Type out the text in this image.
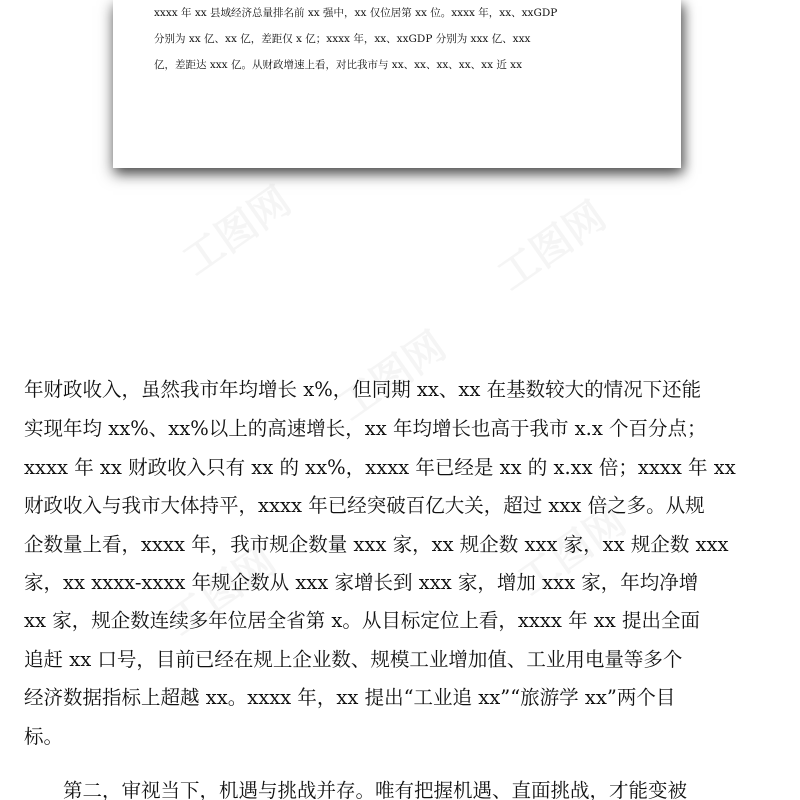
xxxx 年 xx 县域经济总量排名前 xx 强中，xx 仅位居第 xx 位。xxxx 年，xx、xxGDP
分别为 xx 亿、xx 亿，差距仅 x 亿；xxxx 年，xx、xxGDP 分别为 xxx 亿、xxx
亿，差距达 xxx 亿。从财政增速上看，对比我市与 xx、xx、xx、xx、xx 近 xx
工图网	工图网
工图网
工图网
工图网
年财政收入，虽然我市年均增长 x%，但同期 xx、xx 在基数较大的情况下还能
实现年均 xx%、xx%以上的高速增长，xx 年均增长也高于我市 x.x 个百分点；
xxxx 年 xx 财政收入只有 xx 的 xx%，xxxx 年已经是 xx 的 x.xx 倍；xxxx 年 xx
财政收入与我市大体持平，xxxx 年已经突破百亿大关，超过 xxx 倍之多。从规
企数量上看，xxxx 年，我市规企数量 xxx 家，xx 规企数 xxx 家，xx 规企数 xxx
家，xx xxxx-xxxx 年规企数从 xxx 家增长到 xxx 家，增加 xxx 家，年均净增
xx 家，规企数连续多年位居全省第 x。从目标定位上看，xxxx 年 xx 提出全面
追赶 xx 口号，目前已经在规上企业数、规模工业增加值、工业用电量等多个
经济数据指标上超越 xx。xxxx 年，xx 提出“工业追 xx”“旅游学 xx”两个目
标。
　　第二，审视当下，机遇与挑战并存。唯有把握机遇、直面挑战，才能变被
